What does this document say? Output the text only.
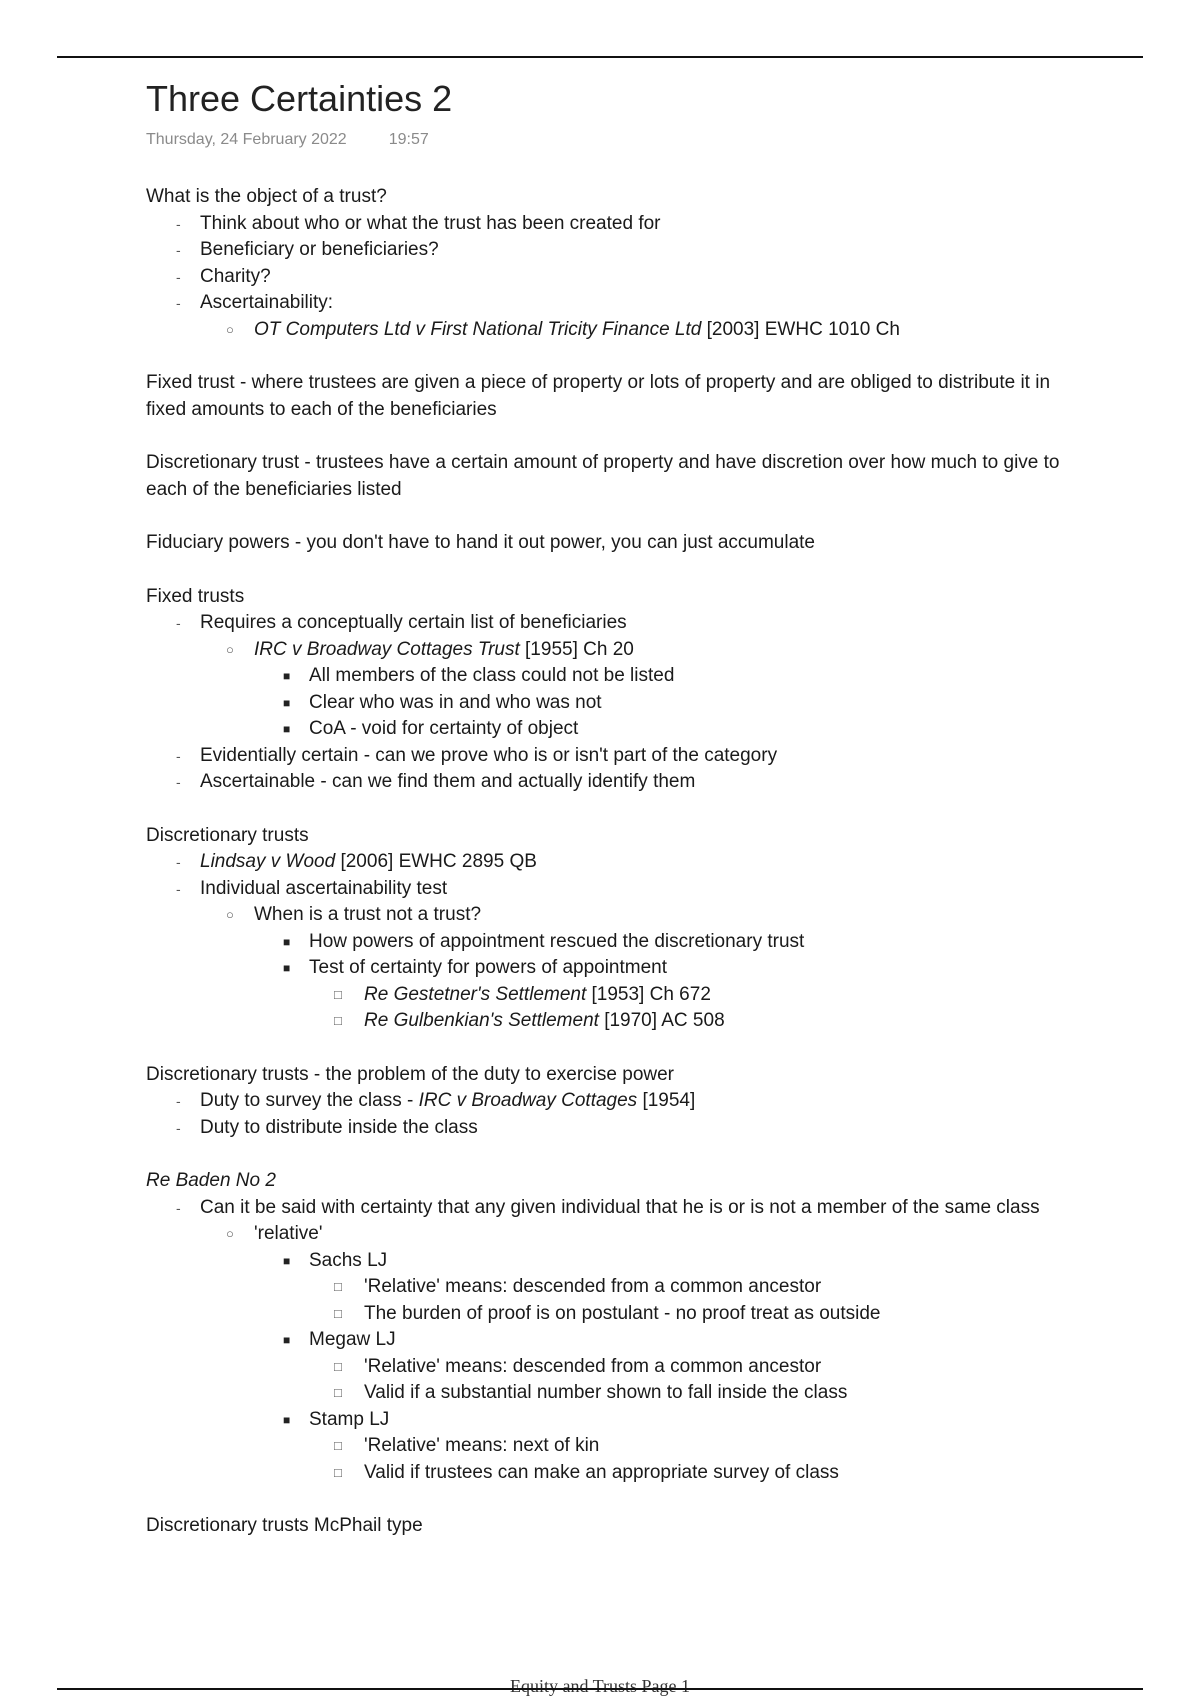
Three Certainties 2
Thursday, 24 February 2022	19:57

What is the object of a trust?

- Think about who or what the trust has been created for
- Beneficiary or beneficiaries?
- Charity?
- Ascertainability:
○ OT Computers Ltd v First National Tricity Finance Ltd [2003] EWHC 1010 Ch

Fixed trust - where trustees are given a piece of property or lots of property and are obliged to distribute it in fixed amounts to each of the beneficiaries

Discretionary trust - trustees have a certain amount of property and have discretion over how much to give to each of the beneficiaries listed

Fiduciary powers - you don't have to hand it out power, you can just accumulate

Fixed trusts

- Requires a conceptually certain list of beneficiaries
○ IRC v Broadway Cottages Trust [1955] Ch 20
■ All members of the class could not be listed
■ Clear who was in and who was not
■ CoA - void for certainty of object
- Evidentially certain - can we prove who is or isn't part of the category
- Ascertainable - can we find them and actually identify them

Discretionary trusts

- Lindsay v Wood [2006] EWHC 2895 QB
- Individual ascertainability test
○ When is a trust not a trust?
■ How powers of appointment rescued the discretionary trust
■ Test of certainty for powers of appointment
□ Re Gestetner's Settlement [1953] Ch 672
□ Re Gulbenkian's Settlement [1970] AC 508

Discretionary trusts - the problem of the duty to exercise power

- Duty to survey the class - IRC v Broadway Cottages [1954]
- Duty to distribute inside the class

Re Baden No 2

- Can it be said with certainty that any given individual that he is or is not a member of the same class
○ 'relative'
■ Sachs LJ
□ 'Relative' means: descended from a common ancestor
□ The burden of proof is on postulant - no proof treat as outside
■ Megaw LJ
□ 'Relative' means: descended from a common ancestor
□ Valid if a substantial number shown to fall inside the class
■ Stamp LJ
□ 'Relative' means: next of kin
□ Valid if trustees can make an appropriate survey of class

Discretionary trusts McPhail type

Equity and Trusts Page 1
